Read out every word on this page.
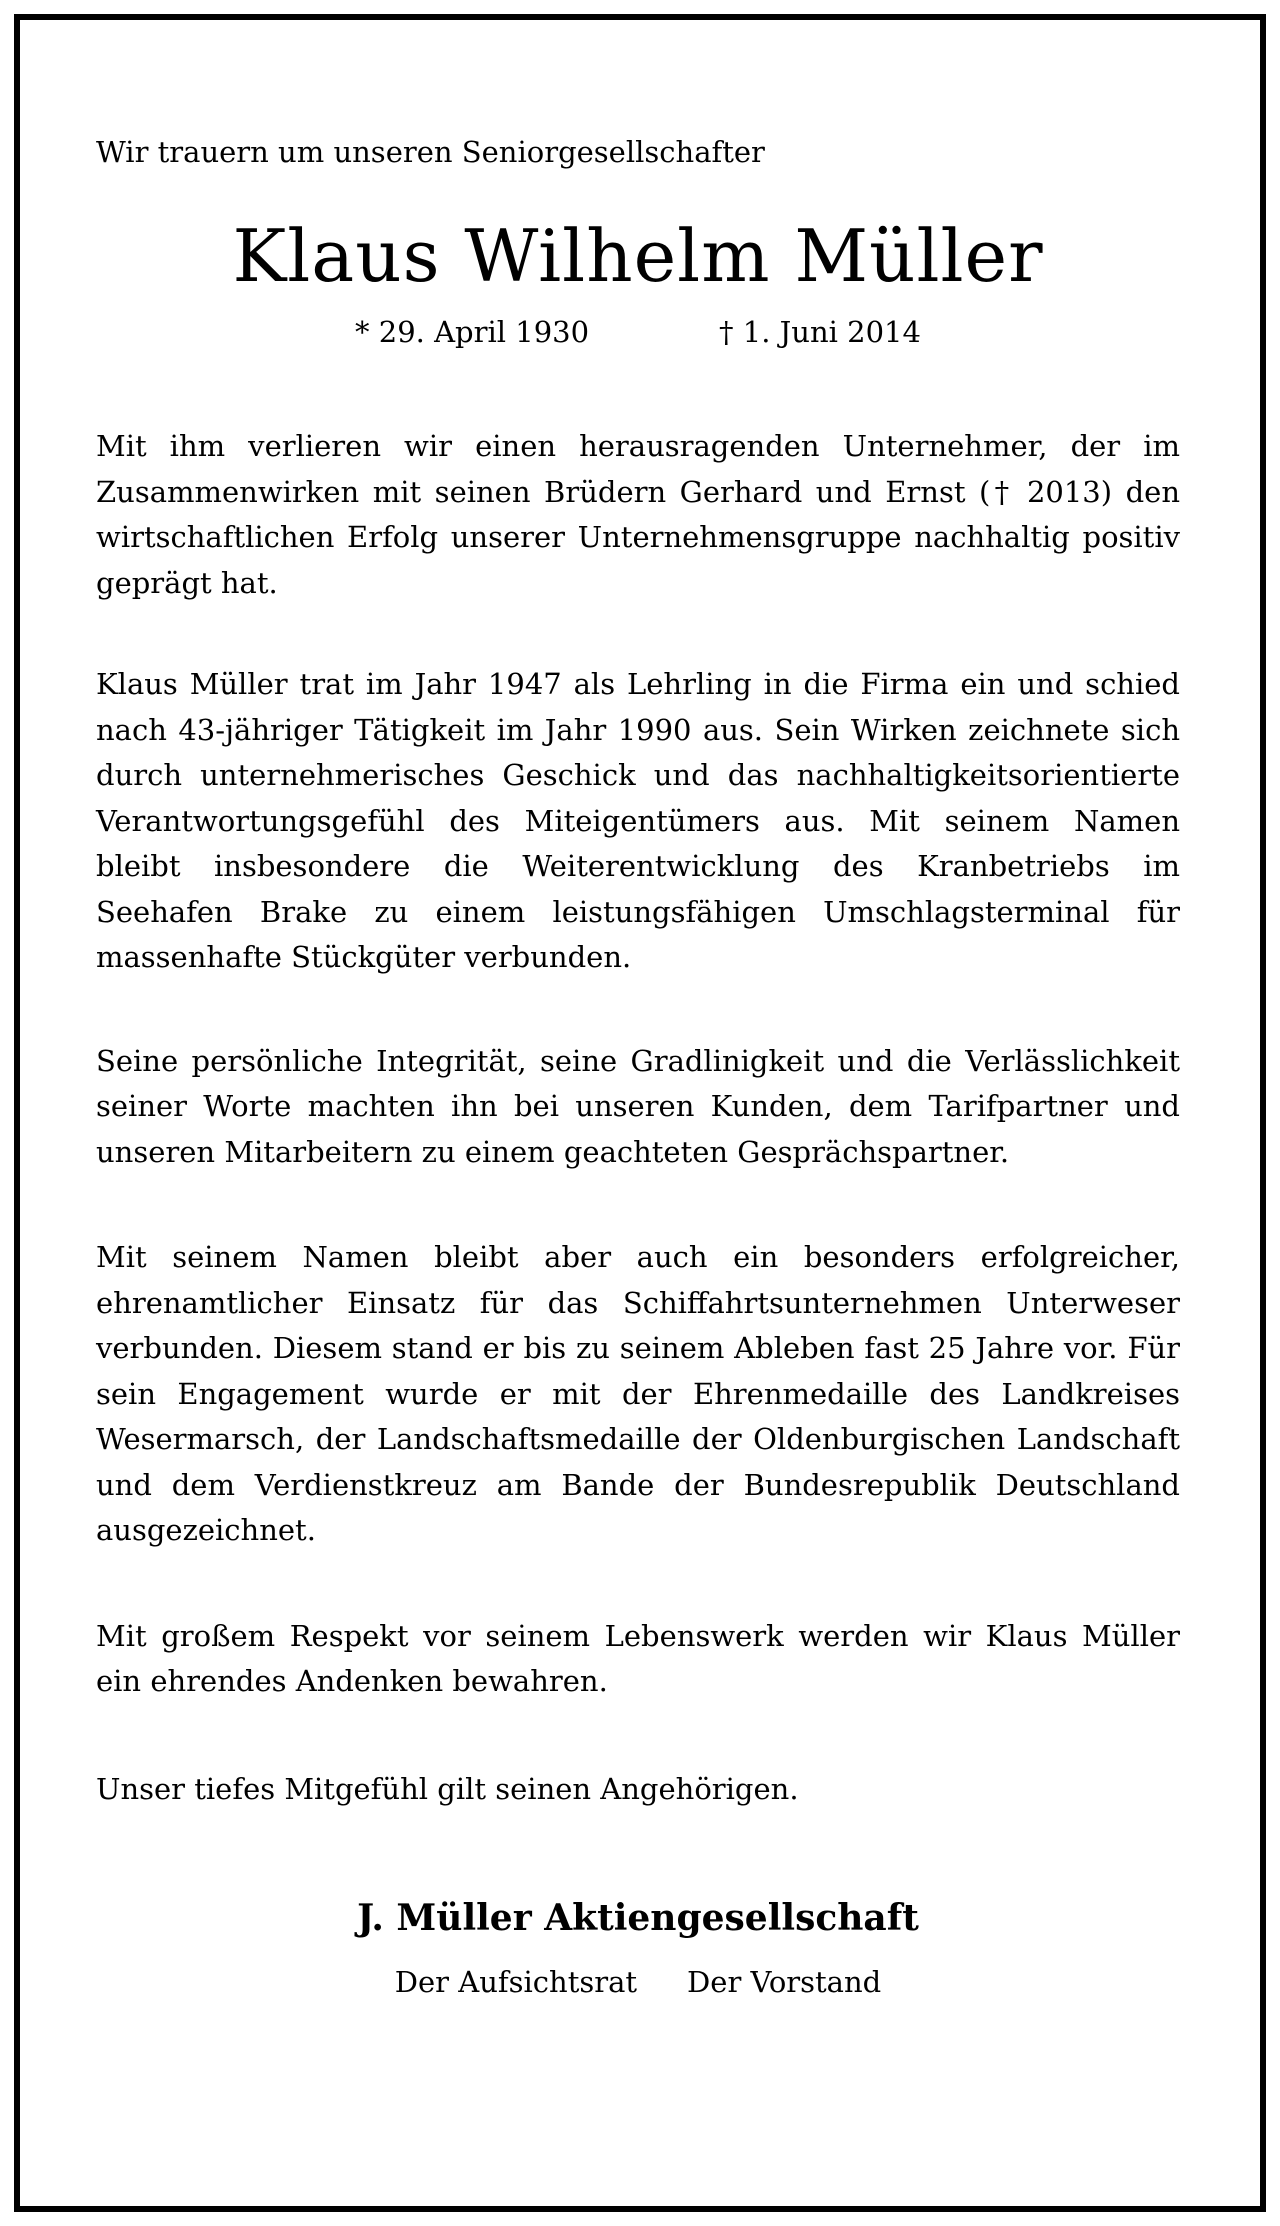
Wir trauern um unseren Seniorgesellschafter

Klaus Wilhelm Müller
* 29. April 1930	† 1. Juni 2014

Mit ihm verlieren wir einen herausragenden Unternehmer, der im Zusammenwirken mit seinen Brüdern Gerhard und Ernst († 2013) den wirtschaftlichen Erfolg unserer Unternehmensgruppe nachhaltig positiv geprägt hat.

Klaus Müller trat im Jahr 1947 als Lehrling in die Firma ein und schied nach 43-jähriger Tätigkeit im Jahr 1990 aus. Sein Wirken zeichnete sich durch unternehmerisches Geschick und das nachhaltigkeitsorientierte Verantwortungsgefühl des Miteigentümers aus. Mit seinem Namen bleibt insbesondere die Weiterentwicklung des Kranbetriebs im Seehafen Brake zu einem leistungsfähigen Umschlagsterminal für massenhafte Stückgüter verbunden.

Seine persönliche Integrität, seine Gradlinigkeit und die Verlässlichkeit seiner Worte machten ihn bei unseren Kunden, dem Tarifpartner und unseren Mitarbeitern zu einem geachteten Gesprächspartner.

Mit seinem Namen bleibt aber auch ein besonders erfolgreicher, ehrenamtlicher Einsatz für das Schiffahrtsunternehmen Unterweser verbunden. Diesem stand er bis zu seinem Ableben fast 25 Jahre vor. Für sein Engagement wurde er mit der Ehrenmedaille des Landkreises Wesermarsch, der Landschaftsmedaille der Oldenburgischen Landschaft und dem Verdienstkreuz am Bande der Bundesrepublik Deutschland ausgezeichnet.

Mit großem Respekt vor seinem Lebenswerk werden wir Klaus Müller ein ehrendes Andenken bewahren.

Unser tiefes Mitgefühl gilt seinen Angehörigen.

J. Müller Aktiengesellschaft
Der Aufsichtsrat Der Vorstand
